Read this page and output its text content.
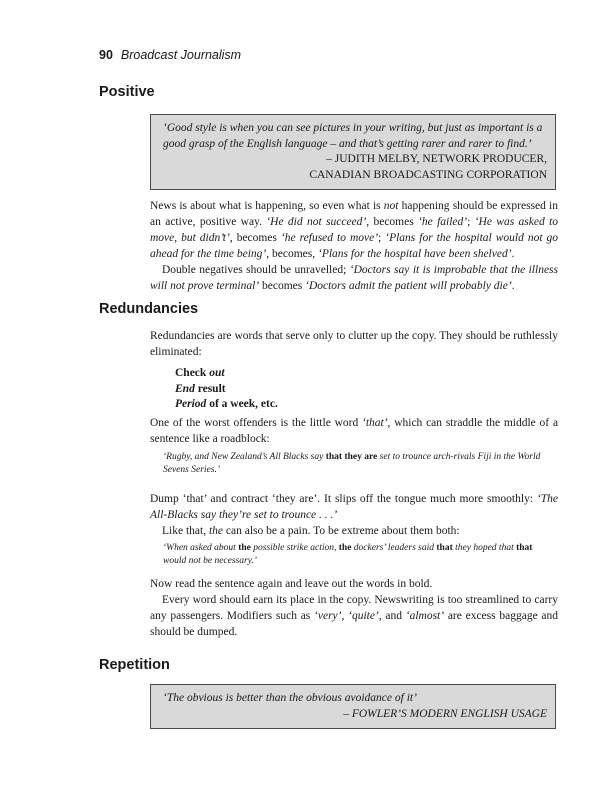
90 Broadcast Journalism
Positive
‘Good style is when you can see pictures in your writing, but just as important is a
good grasp of the English language – and that’s getting rarer and rarer to find.’
– JUDITH MELBY, NETWORK PRODUCER,
CANADIAN BROADCASTING CORPORATION

News is about what is happening, so even what is not happening should be expressed in an active, positive way. ‘He did not succeed’, becomes ‘he failed’; ‘He was asked to move, but didn’t’, becomes ‘he refused to move’; ‘Plans for the hospital would not go ahead for the time being’, becomes, ‘Plans for the hospital have been shelved’.

Double negatives should be unravelled; ‘Doctors say it is improbable that the illness will not prove terminal’ becomes ‘Doctors admit the patient will probably die’.

Redundancies

Redundancies are words that serve only to clutter up the copy. They should be ruthlessly eliminated:

Check out
End result
Period of a week, etc.

One of the worst offenders is the little word ‘that’, which can straddle the middle of a sentence like a roadblock:

‘Rugby, and New Zealand’s All Blacks say that they are set to trounce arch-rivals Fiji in the World Sevens Series.’

Dump ‘that’ and contract ‘they are’. It slips off the tongue much more smoothly: ‘The All-Blacks say they’re set to trounce . . .’

Like that, the can also be a pain. To be extreme about them both:

‘When asked about the possible strike action, the dockers’ leaders said that they hoped that that would not be necessary.’

Now read the sentence again and leave out the words in bold.

Every word should earn its place in the copy. Newswriting is too streamlined to carry any passengers. Modifiers such as ‘very’, ‘quite’, and ‘almost’ are excess baggage and should be dumped.

Repetition
‘The obvious is better than the obvious avoidance of it’
– FOWLER’S MODERN ENGLISH USAGE
